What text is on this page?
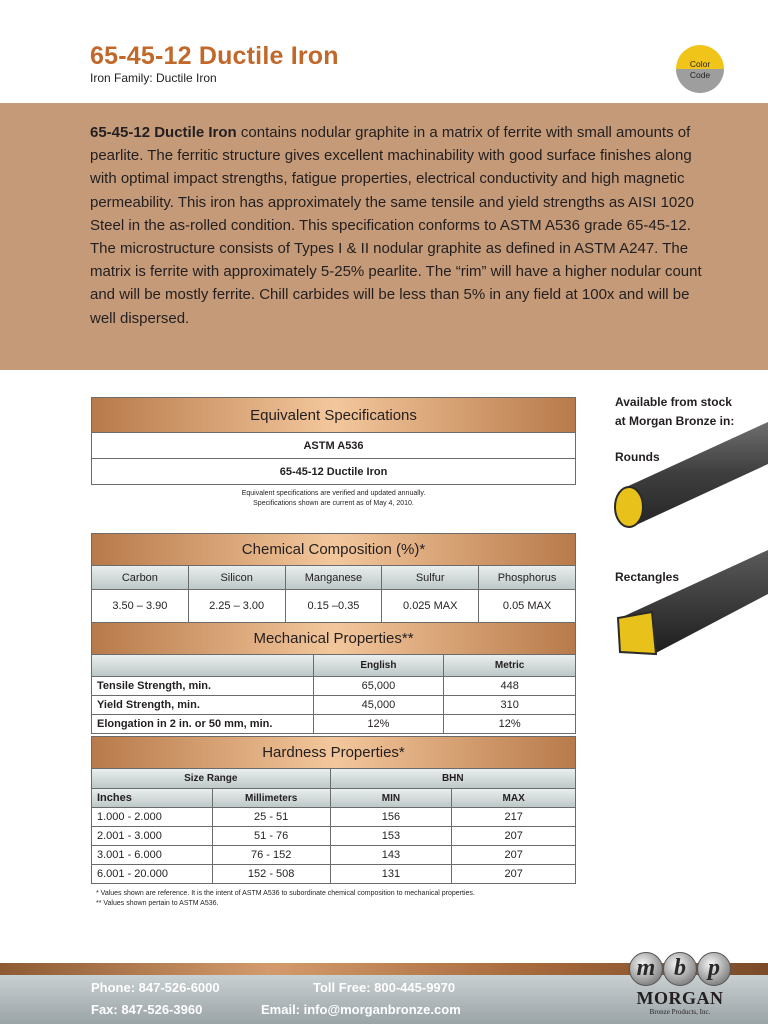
65-45-12 Ductile Iron
Iron Family: Ductile Iron
Color
Code

65-45-12 Ductile Iron contains nodular graphite in a matrix of ferrite with small amounts of pearlite. The ferritic structure gives excellent machinability with good surface finishes along with optimal impact strengths, fatigue properties, electrical conductivity and high magnetic permeability. This iron has approximately the same tensile and yield strengths as AISI 1020 Steel in the as-rolled condition. This specification conforms to ASTM A536 grade 65-45-12. The microstructure consists of Types I & II nodular graphite as defined in ASTM A247. The matrix is ferrite with approximately 5-25% pearlite. The “rim” will have a higher nodular count and will be mostly ferrite. Chill carbides will be less than 5% in any field at 100x and will be well dispersed.

Available from stock
at Morgan Bronze in:
Rounds
Rectangles
Equivalent Specifications
ASTM A536
65-45-12 Ductile Iron
Equivalent specifications are verified and updated annually.
Specifications shown are current as of May 4, 2010.
Chemical Composition (%)*				
Carbon	Silicon	Manganese	Sulfur	Phosphorus
3.50 – 3.90	2.25 – 3.00	0.15 –0.35	0.025 MAX	0.05 MAX
Mechanical Properties**		
	English	Metric
Tensile Strength, min.	65,000	448
Yield Strength, min.	45,000	310
Elongation in 2 in. or 50 mm, min.	12%	12%
Hardness Properties*			
Size Range		BHN	
Inches	Millimeters	MIN	MAX
1.000 - 2.000	25 - 51	156	217
2.001 - 3.000	51 - 76	153	207
3.001 - 6.000	76 - 152	143	207
6.001 - 20.000	152 - 508	131	207
* Values shown are reference. It is the intent of ASTM A536 to subordinate chemical composition to mechanical properties.
** Values shown pertain to ASTM A536.
Phone: 847-526-6000	Toll Free: 800-445-9970
Fax: 847-526-3960	Email: info@morganbronze.com
m b p
MORGAN
Bronze Products, Inc.
